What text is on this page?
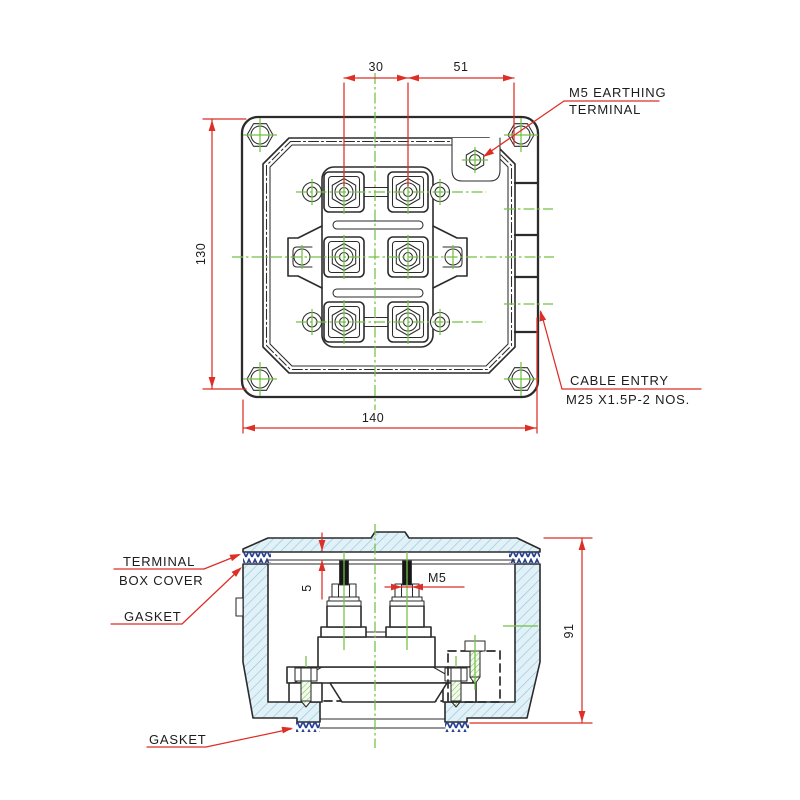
30	51
130
140
M5 EARTHING
TERMINAL
CABLE ENTRY
M25 X1.5P-2 NOS.
5
M5
91
TERMINAL
BOX COVER
GASKET
GASKET
